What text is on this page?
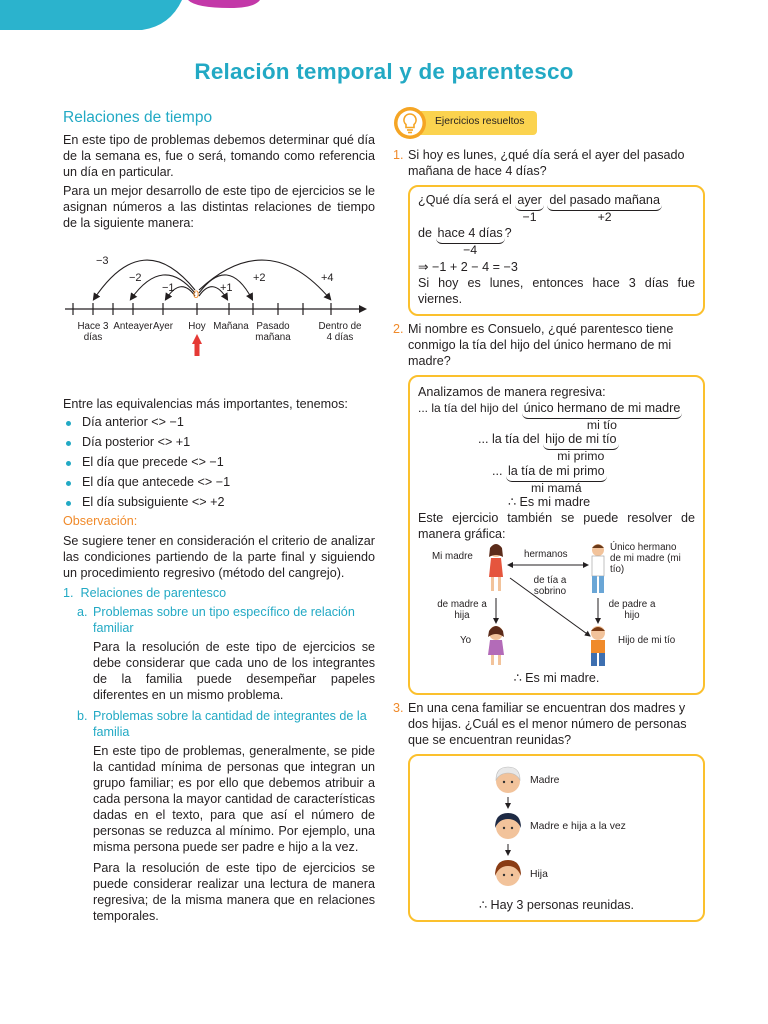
Relación temporal y de parentesco
Relaciones de tiempo
En este tipo de problemas debemos determinar qué día de la semana es, fue o será, tomando como referencia un día en particular.
Para un mejor desarrollo de este tipo de ejercicios se le asignan números a las distintas relaciones de tiempo de la siguiente manera:
−3
−2
−1	+1
+2	+4
0
Hace 3 días
Anteayer Ayer	Hoy Mañana Pasado mañana
Dentro de 4 días
Entre las equivalencias más importantes, tenemos:
Día anterior <> −1
Día posterior <> +1
El día que precede <> −1
El día que antecede <> −1
El día subsiguiente <> +2
Observación:
Se sugiere tener en consideración el criterio de analizar las condiciones partiendo de la parte final y siguiendo un procedimiento regresivo (método del cangrejo).
1. Relaciones de parentesco
a. Problemas sobre un tipo específico de relación familiar
Para la resolución de este tipo de ejercicios se debe considerar que cada uno de los integrantes de la familia puede desempeñar papeles diferentes en un mismo problema.
b. Problemas sobre la cantidad de integrantes de la familia
En este tipo de problemas, generalmente, se pide la cantidad mínima de personas que integran un grupo familiar; es por ello que debemos atribuir a cada persona la mayor cantidad de características dadas en el texto, para que así el número de personas se reduzca al mínimo. Por ejemplo, una misma persona puede ser padre e hijo a la vez.
Para la resolución de este tipo de ejercicios se puede considerar realizar una lectura de manera regresiva; de la misma manera que en relaciones temporales.
Ejercicios resueltos
1. Si hoy es lunes, ¿qué día será el ayer del pasado mañana de hace 4 días?
¿Qué día será el ayer
−1

del pasado mañana
+2
de hace 4 días
−4
?
⇒ −1 + 2 − 4 = −3
Si hoy es lunes, entonces hace 3 días fue viernes.
2. Mi nombre es Consuelo, ¿qué parentesco tiene conmigo la tía del hijo del único hermano de mi madre?
Analizamos de manera regresiva:
... la tía del hijo del único hermano de mi madre
mi tío
... la tía del hijo de mi tío
mi primo
... la tía de mi primo
mi mamá
∴ Es mi madre
Este ejercicio también se puede resolver de manera gráfica:
Mi madre	hermanos
Único hermano de mi madre (mi tío)
de tía a sobrino
de madre a hija
de padre a hijo
Yo	Hijo de mi tío
∴ Es mi madre.
3. En una cena familiar se encuentran dos madres y dos hijas. ¿Cuál es el menor número de personas que se encuentran reunidas?
Madre
Madre e hija a la vez
Hija
∴ Hay 3 personas reunidas.
